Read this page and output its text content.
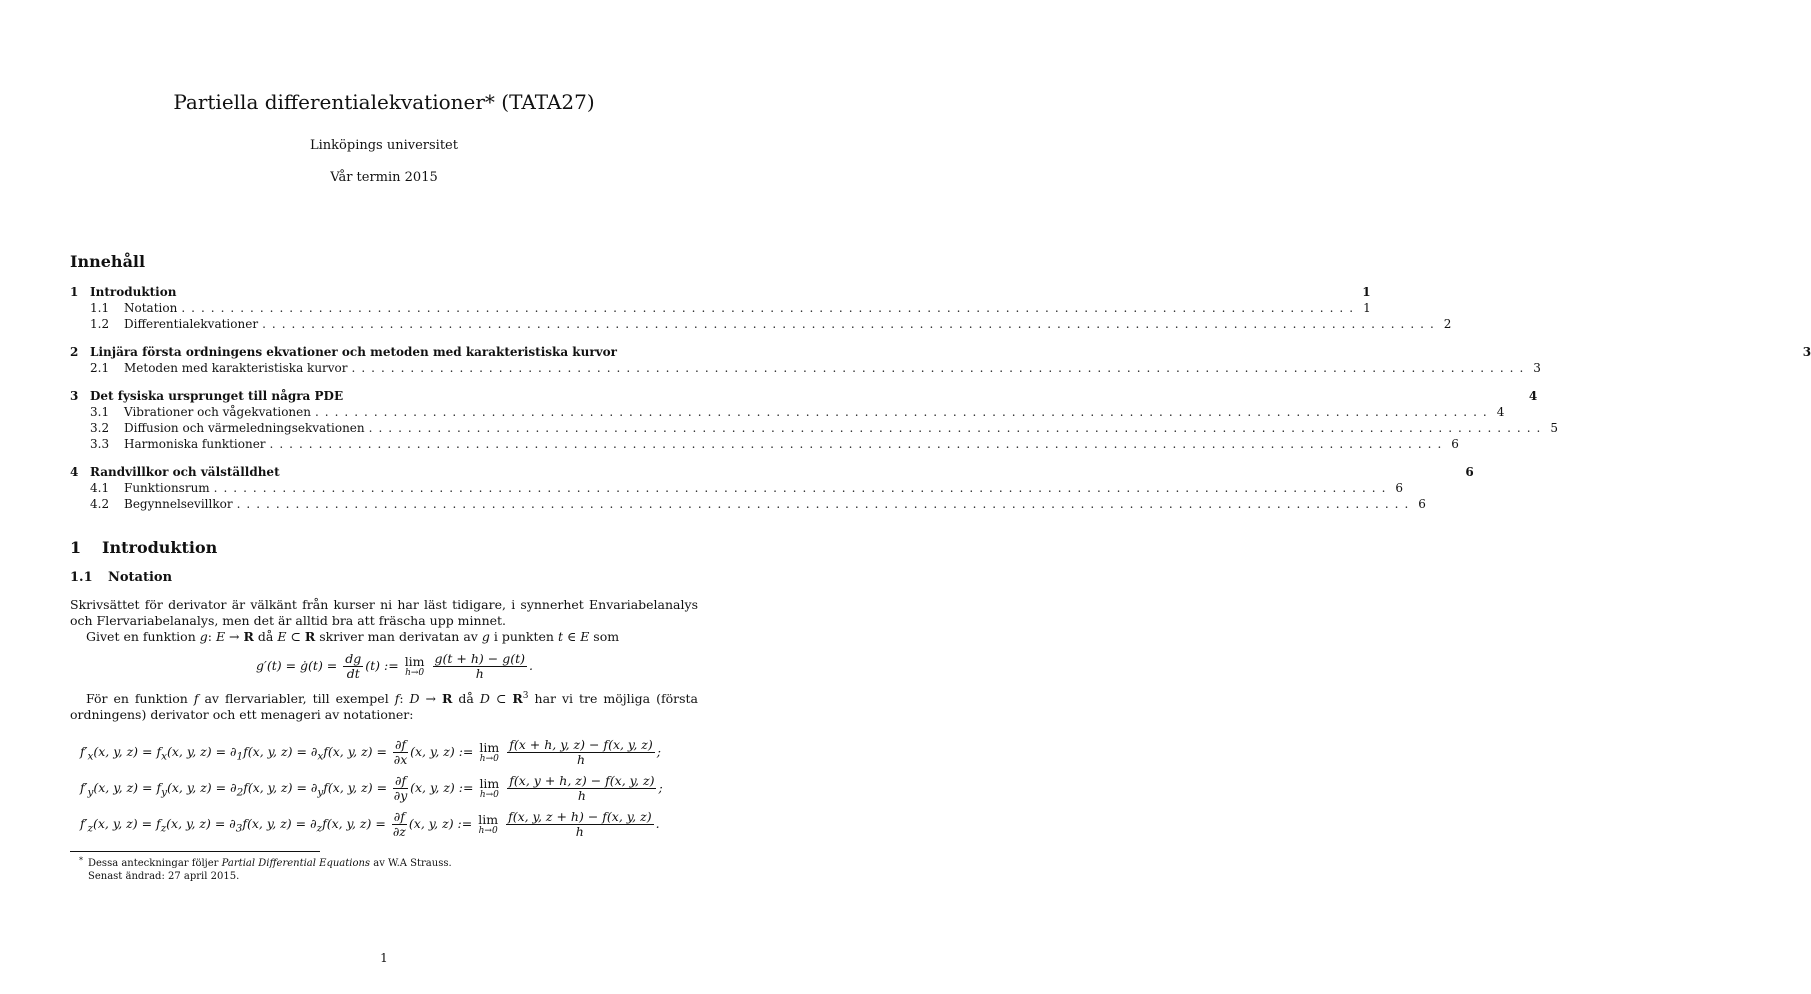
Partiella differentialekvationer* (TATA27)
Linköpings universitet
Vår termin 2015
Innehåll
1 Introduktion	1
1.1	Notation ........................................................................................................................ 1
1.2	Differentialekvationer ........................................................................................................................ 2
2 Linjära första ordningens ekvationer och metoden med karakteristiska kurvor	3
2.1	Metoden med karakteristiska kurvor ........................................................................................................................ 3
3 Det fysiska ursprunget till några PDE	4
3.1	Vibrationer och vågekvationen ........................................................................................................................ 4
3.2	Diffusion och värmeledningsekvationen ........................................................................................................................ 5
3.3	Harmoniska funktioner ........................................................................................................................ 6
4 Randvillkor och välställdhet	6
4.1	Funktionsrum ........................................................................................................................ 6
4.2	Begynnelsevillkor ........................................................................................................................ 6
1 Introduktion
1.1 Notation
Skrivsättet för derivator är välkänt från kurser ni har läst tidigare, i synnerhet Envariabelanalys och Flervariabelanalys, men det är alltid bra att fräscha upp minnet.
Givet en funktion g: E → R då E ⊂ R skriver man derivatan av g i punkten t ∈ E som
g′(t) = ġ(t) = $\frac{dg}{dt} (t)$ := lim
h→0
$\frac{g(t + h) - g(t)}{h}$ .
För en funktion f av flervariabler, till exempel f: D → R då D ⊂ $R^3$ har vi tre möjliga (första ordningens) derivator och ett menageri av notationer:
$f'_x(x$, y, $z) = f_x(x$, y, $z) = \partial_1f(x$, y, $z) = \partial_xf(x$, y, $z) = \frac{\partial f}{\partial x} (x$, y, z) := lim
h→0
$\frac{f(x + h, y, z) - f(x, y, z)}{h}$ ;
$f'_y(x$, y, $z) = f_y(x$, y, $z) = \partial_2f(x$, y, $z) = \partial_yf(x$, y, $z) = \frac{\partial f}{\partial y} (x$, y, z) := lim
h→0
$\frac{f(x, y + h, z) - f(x, y, z)}{h}$ ;
$f'_z(x$, y, $z) = f_z(x$, y, $z) = \partial_3f(x$, y, $z) = \partial_zf(x$, y, $z) = \frac{\partial f}{\partial z} (x$, y, z) := lim
h→0
$\frac{f(x, y, z + h) - f(x, y, z)}{h}$ .
* Dessa anteckningar följer Partial Differential Equations av W.A Strauss.
Senast ändrad: 27 april 2015.
1
